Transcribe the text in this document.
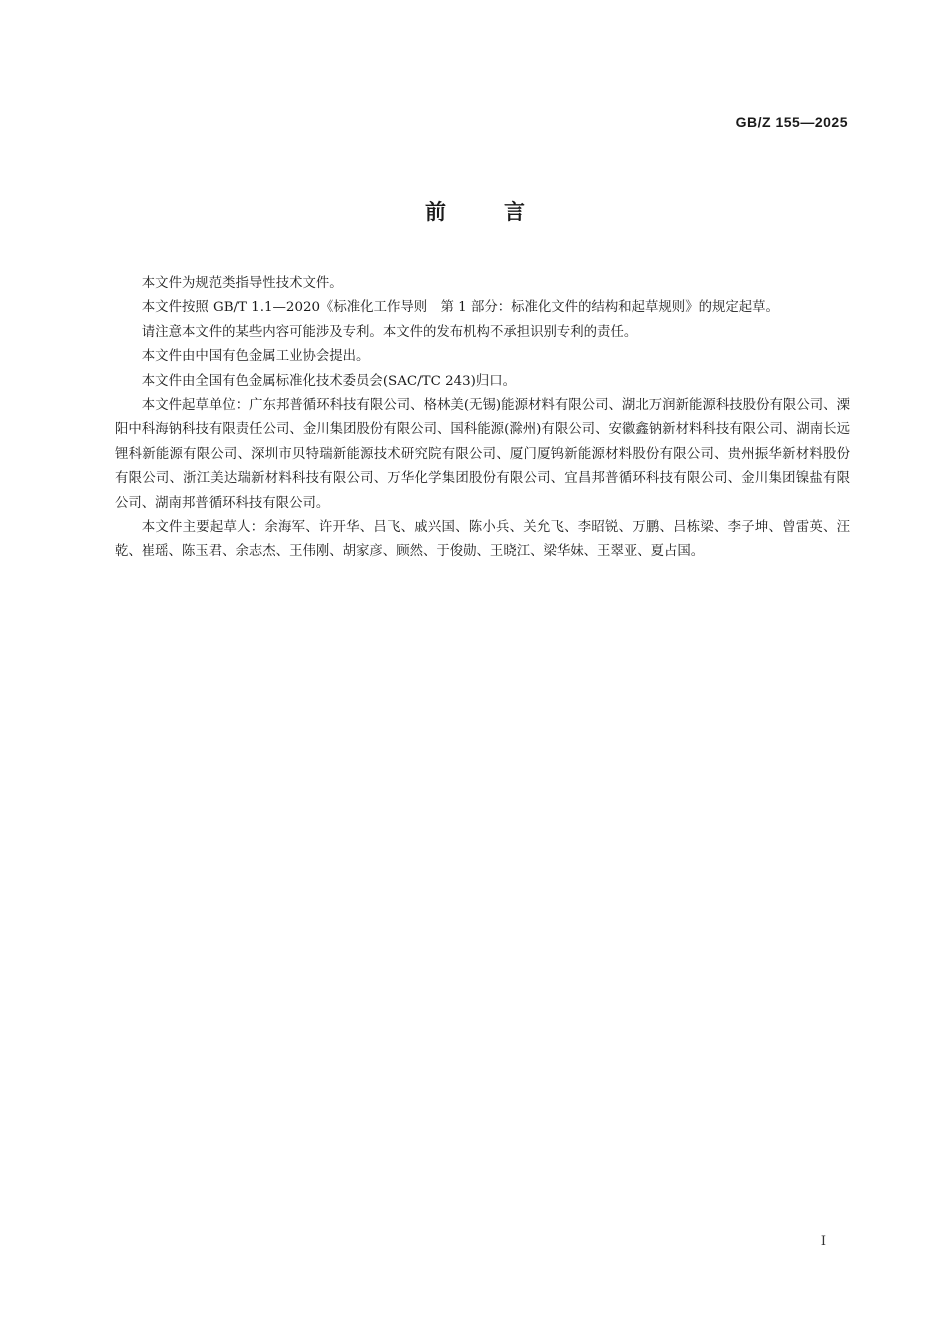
GB/Z 155—2025
前言

本文件为规范类指导性技术文件。

本文件按照 GB/T 1.1—2020《标准化工作导则　第 1 部分：标准化文件的结构和起草规则》的规定起草。

请注意本文件的某些内容可能涉及专利。本文件的发布机构不承担识别专利的责任。

本文件由中国有色金属工业协会提出。

本文件由全国有色金属标准化技术委员会(SAC/TC 243)归口。

本文件起草单位：广东邦普循环科技有限公司、格林美(无锡)能源材料有限公司、湖北万润新能源科技股份有限公司、溧阳中科海钠科技有限责任公司、金川集团股份有限公司、国科能源(滁州)有限公司、安徽鑫钠新材料科技有限公司、湖南长远锂科新能源有限公司、深圳市贝特瑞新能源技术研究院有限公司、厦门厦钨新能源材料股份有限公司、贵州振华新材料股份有限公司、浙江美达瑞新材料科技有限公司、万华化学集团股份有限公司、宜昌邦普循环科技有限公司、金川集团镍盐有限公司、湖南邦普循环科技有限公司。

本文件主要起草人：余海军、许开华、吕飞、戚兴国、陈小兵、关允飞、李昭锐、万鹏、吕栋梁、李子坤、曾雷英、汪乾、崔瑶、陈玉君、余志杰、王伟刚、胡家彦、顾然、于俊勋、王晓江、梁华妹、王翠亚、夏占国。

I
